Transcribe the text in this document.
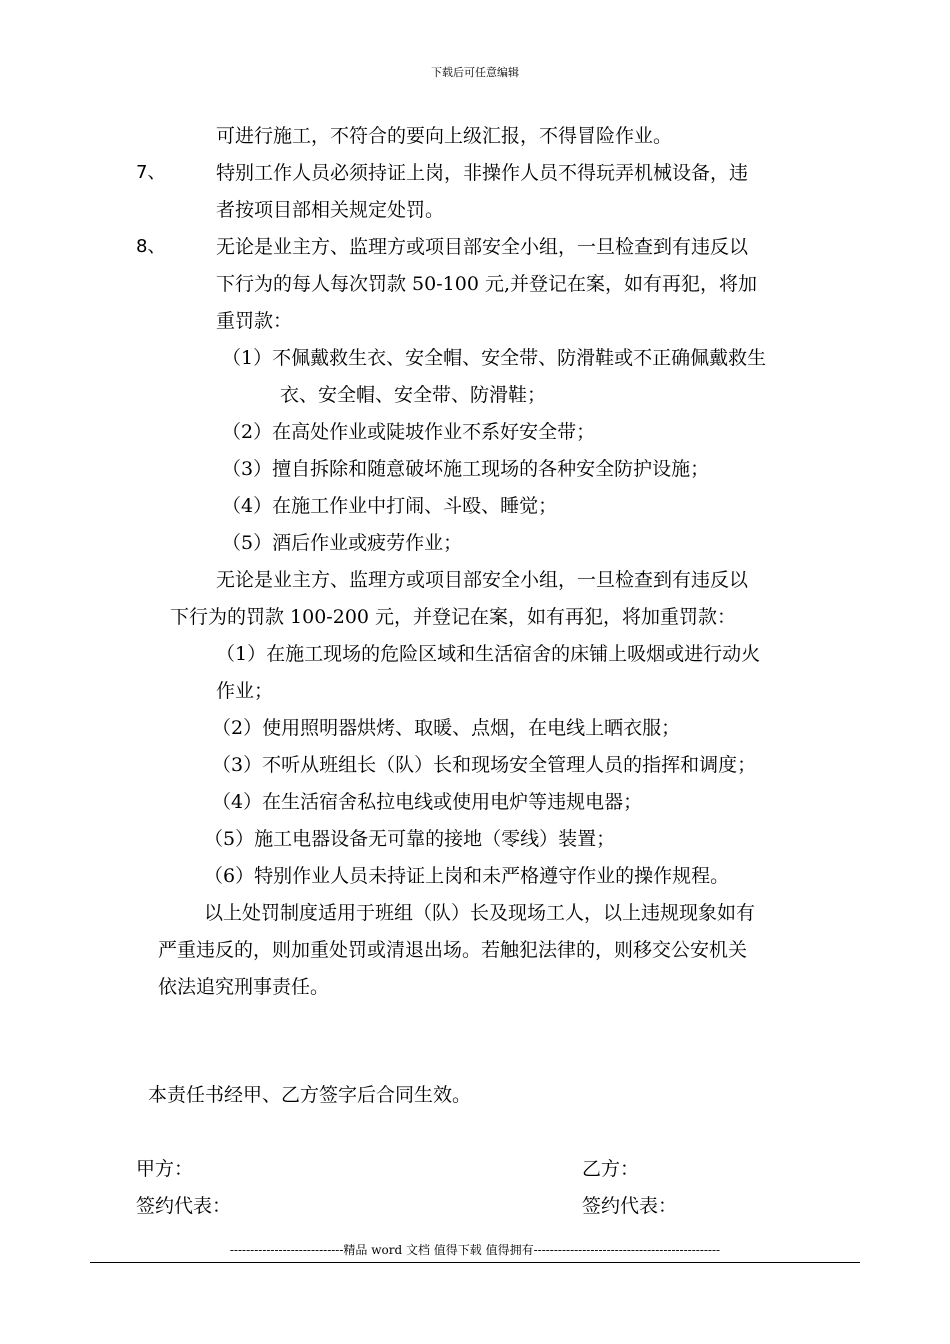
下载后可任意编辑
可进行施工，不符合的要向上级汇报，不得冒险作业。
7、	特别工作人员必须持证上岗，非操作人员不得玩弄机械设备，违
者按项目部相关规定处罚。
8、	无论是业主方、监理方或项目部安全小组，一旦检查到有违反以
下行为的每人每次罚款 50-100 元,并登记在案，如有再犯，将加
重罚款：
（1）不佩戴救生衣、安全帽、安全带、防滑鞋或不正确佩戴救生
衣、安全帽、安全带、防滑鞋；
（2）在高处作业或陡坡作业不系好安全带；
（3）擅自拆除和随意破坏施工现场的各种安全防护设施；
（4）在施工作业中打闹、斗殴、睡觉；
（5）酒后作业或疲劳作业；
无论是业主方、监理方或项目部安全小组，一旦检查到有违反以
下行为的罚款 100-200 元，并登记在案，如有再犯，将加重罚款：
（1）在施工现场的危险区域和生活宿舍的床铺上吸烟或进行动火
作业；
（2）使用照明器烘烤、取暖、点烟，在电线上晒衣服；
（3）不听从班组长（队）长和现场安全管理人员的指挥和调度；
（4）在生活宿舍私拉电线或使用电炉等违规电器；
（5）施工电器设备无可靠的接地（零线）装置；
（6）特别作业人员未持证上岗和未严格遵守作业的操作规程。
以上处罚制度适用于班组（队）长及现场工人，以上违规现象如有
严重违反的，则加重处罚或清退出场。若触犯法律的，则移交公安机关
依法追究刑事责任。
本责任书经甲、乙方签字后合同生效。
甲方：	乙方：
签约代表：	签约代表：
----------------------------精品 word 文档 值得下载 值得拥有----------------------------------------------
